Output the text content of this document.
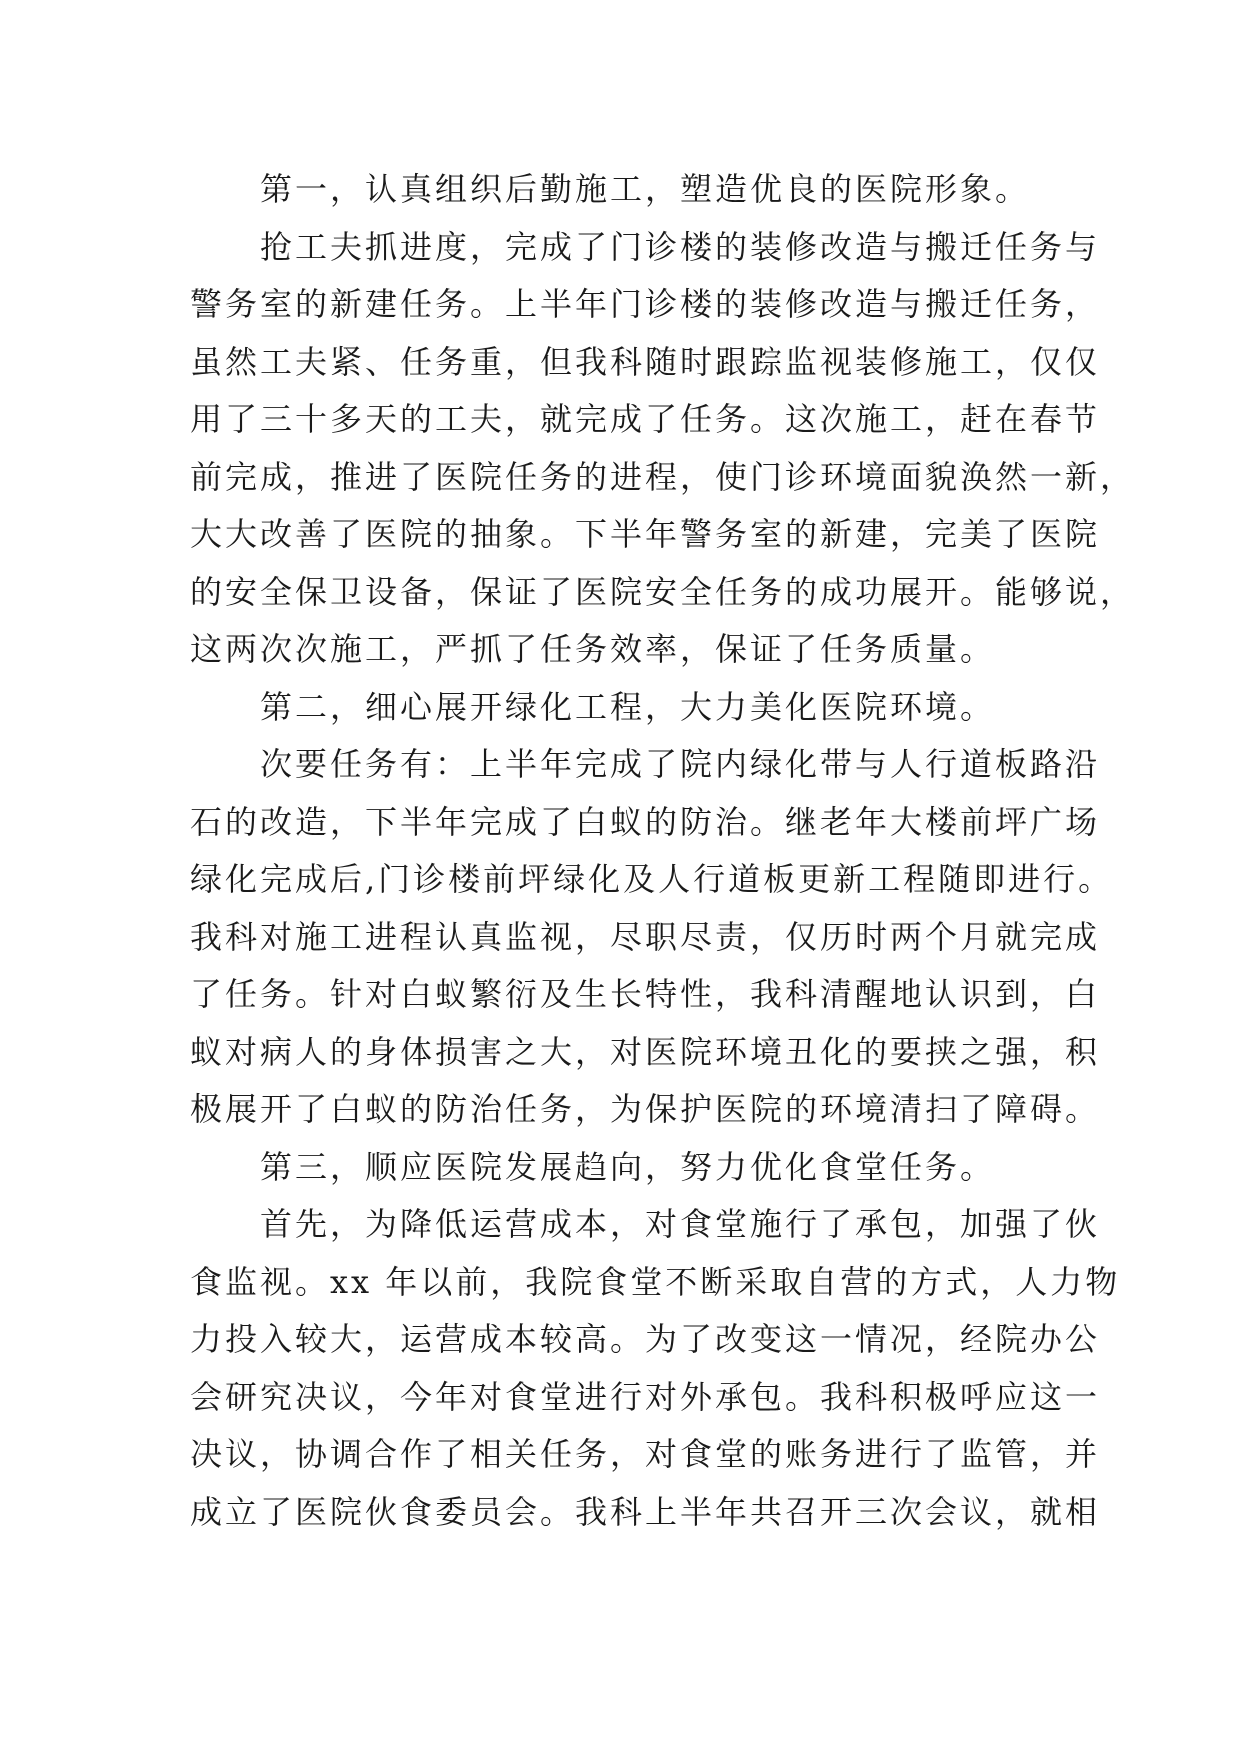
第一，认真组织后勤施工，塑造优良的医院形象。
抢工夫抓进度，完成了门诊楼的装修改造与搬迁任务与
警务室的新建任务。上半年门诊楼的装修改造与搬迁任务，
虽然工夫紧、任务重，但我科随时跟踪监视装修施工，仅仅
用了三十多天的工夫，就完成了任务。这次施工，赶在春节
前完成，推进了医院任务的进程，使门诊环境面貌涣然一新，
大大改善了医院的抽象。下半年警务室的新建，完美了医院
的安全保卫设备，保证了医院安全任务的成功展开。能够说，
这两次次施工，严抓了任务效率，保证了任务质量。
第二，细心展开绿化工程，大力美化医院环境。
次要任务有：上半年完成了院内绿化带与人行道板路沿
石的改造，下半年完成了白蚁的防治。继老年大楼前坪广场
绿化完成后,门诊楼前坪绿化及人行道板更新工程随即进行。
我科对施工进程认真监视，尽职尽责，仅历时两个月就完成
了任务。针对白蚁繁衍及生长特性，我科清醒地认识到，白
蚁对病人的身体损害之大，对医院环境丑化的要挟之强，积
极展开了白蚁的防治任务，为保护医院的环境清扫了障碍。
第三，顺应医院发展趋向，努力优化食堂任务。
首先，为降低运营成本，对食堂施行了承包，加强了伙
食监视。xx 年以前，我院食堂不断采取自营的方式，人力物
力投入较大，运营成本较高。为了改变这一情况，经院办公
会研究决议，今年对食堂进行对外承包。我科积极呼应这一
决议，协调合作了相关任务，对食堂的账务进行了监管，并
成立了医院伙食委员会。我科上半年共召开三次会议，就相
